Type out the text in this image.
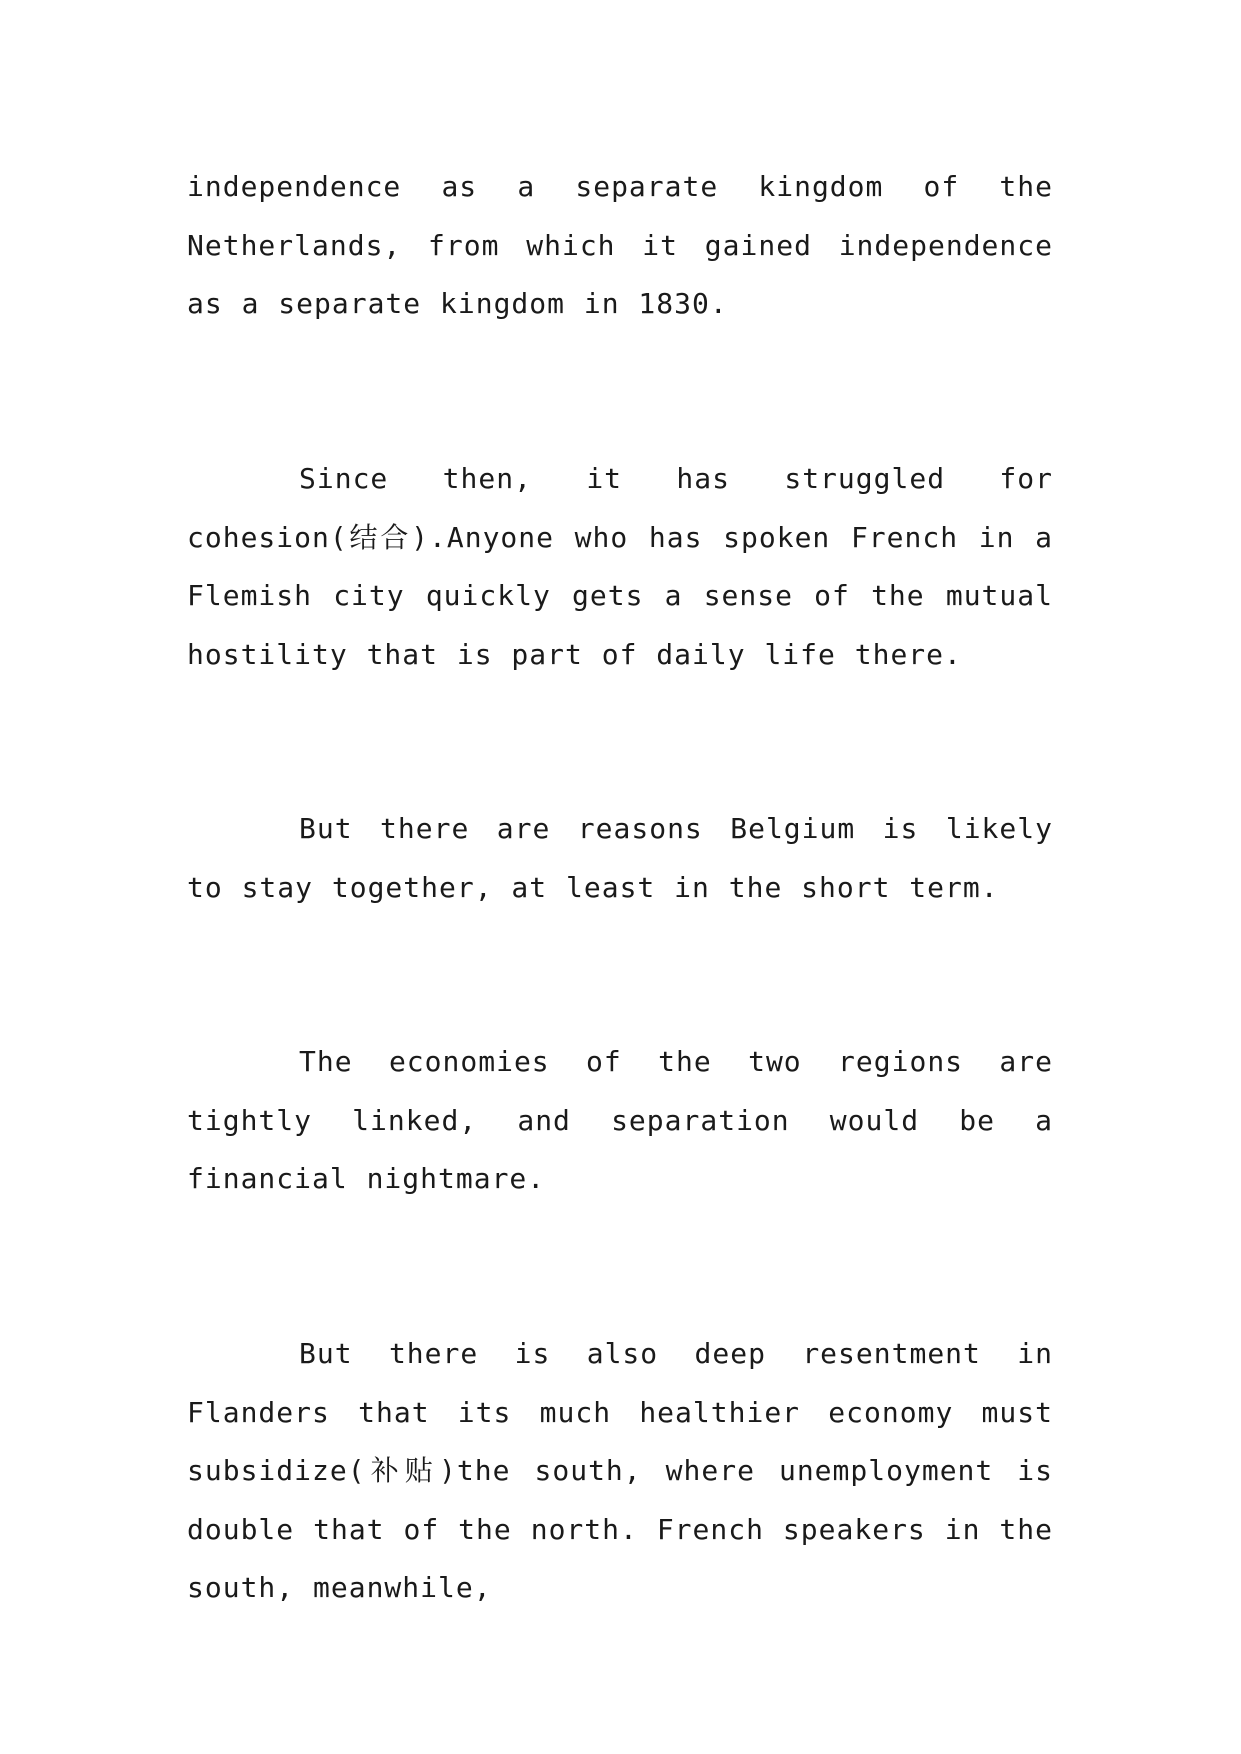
independence as a separate kingdom of the Netherlands, from which it gained independence as a separate kingdom in 1830.

Since then, it has struggled for cohesion(结合).Anyone who has spoken French in a Flemish city quickly gets a sense of the mutual hostility that is part of daily life there.

But there are reasons Belgium is likely to stay together, at least in the short term.

The economies of the two regions are tightly linked, and separation would be a financial nightmare.

But there is also deep resentment in Flanders that its much healthier economy must subsidize(补贴)the south, where unemployment is double that of the north. French speakers in the south, meanwhile,
